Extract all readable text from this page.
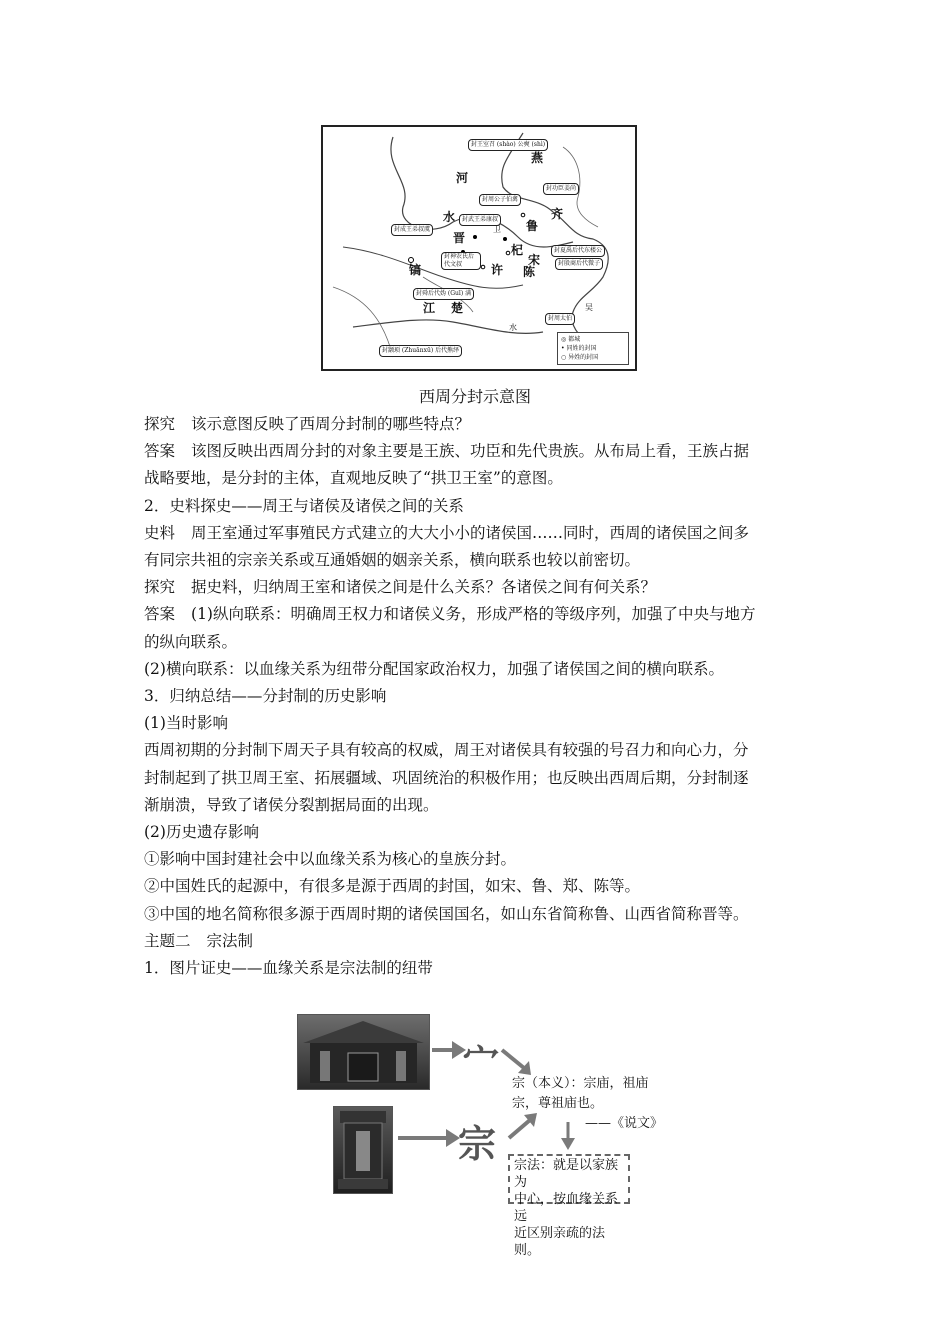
封王室召 (shào) 公奭 (shì)
燕
河
封功臣姜尚
封周公子伯禽
齐
鲁
水	封武王弟康叔
卫
封成王弟叔虞
晋
杞
宋
陈
许
镐
封神农氏后代文叔
封夏禹后代东楼公
封殷商后代微子
封舜后代妫 (Guī) 满
江 楚
水
吴
封周太伯
封颛顼 (Zhuānxū) 后代熊绎
◎ 都城
• 同姓的封国
○ 异姓的封国
西周分封示意图

探究 该示意图反映了西周分封制的哪些特点？

答案 该图反映出西周分封的对象主要是王族、功臣和先代贵族。从布局上看，王族占据

战略要地，是分封的主体，直观地反映了“拱卫王室”的意图。

2．史料探史——周王与诸侯及诸侯之间的关系

史料 周王室通过军事殖民方式建立的大大小小的诸侯国……同时，西周的诸侯国之间多

有同宗共祖的宗亲关系或互通婚姻的姻亲关系，横向联系也较以前密切。

探究 据史料，归纳周王室和诸侯之间是什么关系？各诸侯之间有何关系？

答案 (1)纵向联系：明确周王权力和诸侯义务，形成严格的等级序列，加强了中央与地方

的纵向联系。

(2)横向联系：以血缘关系为纽带分配国家政治权力，加强了诸侯国之间的横向联系。

3．归纳总结——分封制的历史影响

(1)当时影响

西周初期的分封制下周天子具有较高的权威，周王对诸侯具有较强的号召力和向心力，分

封制起到了拱卫周王室、拓展疆域、巩固统治的积极作用；也反映出西周后期，分封制逐

渐崩溃，导致了诸侯分裂割据局面的出现。

(2)历史遗存影响

①影响中国封建社会中以血缘关系为核心的皇族分封。

②中国姓氏的起源中，有很多是源于西周的封国，如宋、鲁、郑、陈等。

③中国的地名简称很多源于西周时期的诸侯国国名，如山东省简称鲁、山西省简称晋等。

主题二 宗法制

1．图片证史——血缘关系是宗法制的纽带

宀
宗（本义）：宗庙，祖庙
宗，尊祖庙也。
——《说文》
宗 宗法：就是以家族为
中心，按血缘关系远
近区别亲疏的法则。
